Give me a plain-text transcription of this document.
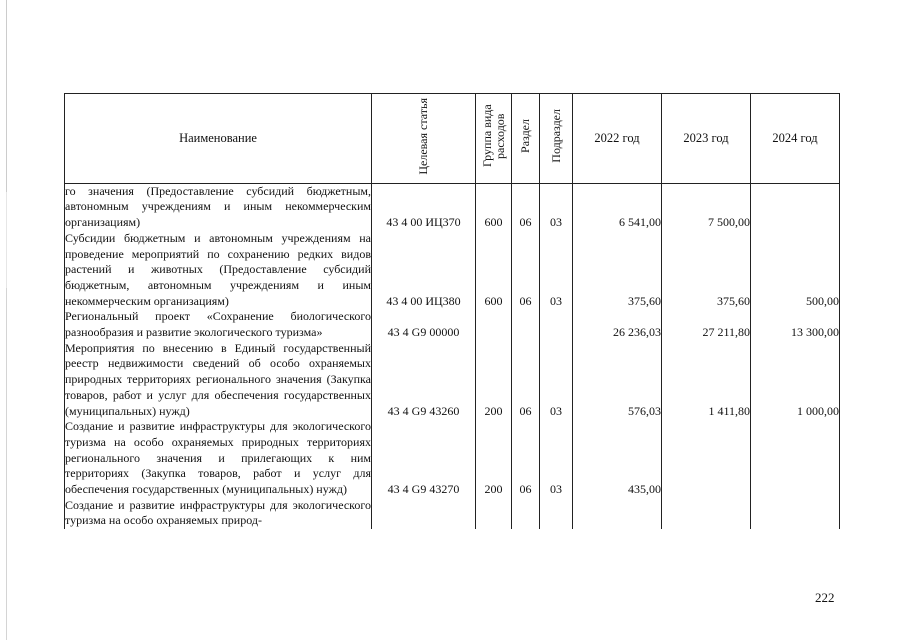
Наименование	Целевая статья	Группа вида расходов	Раздел	Подраздел	2022 год	2023 год	2024 год
го значения (Предоставление субсидий бюджетным, автономным учреждениям и иным некоммерческим организациям)	43 4 00 ИЦ370	600	06	03	6 541,00	7 500,00	
Субсидии бюджетным и автономным учреждениям на проведение мероприятий по сохранению редких видов растений и животных (Предоставление субсидий бюджетным, автономным учреждениям и иным некоммерческим организациям)	43 4 00 ИЦ380	600	06	03	375,60	375,60	500,00
Региональный проект «Сохранение биологического разнообразия и развитие экологического туризма»	43 4 G9 00000				26 236,03	27 211,80	13 300,00
Мероприятия по внесению в Единый государственный реестр недвижимости сведений об особо охраняемых природных территориях регионального значения (Закупка товаров, работ и услуг для обеспечения государственных (муниципальных) нужд)	43 4 G9 43260	200	06	03	576,03	1 411,80	1 000,00
Создание и развитие инфраструктуры для экологического туризма на особо охраняемых природных территориях регионального значения и прилегающих к ним территориях (Закупка товаров, работ и услуг для обеспечения государственных (муниципальных) нужд)	43 4 G9 43270	200	06	03	435,00		
Создание и развитие инфраструктуры для экологического туризма на особо охраняемых природ-							
222
